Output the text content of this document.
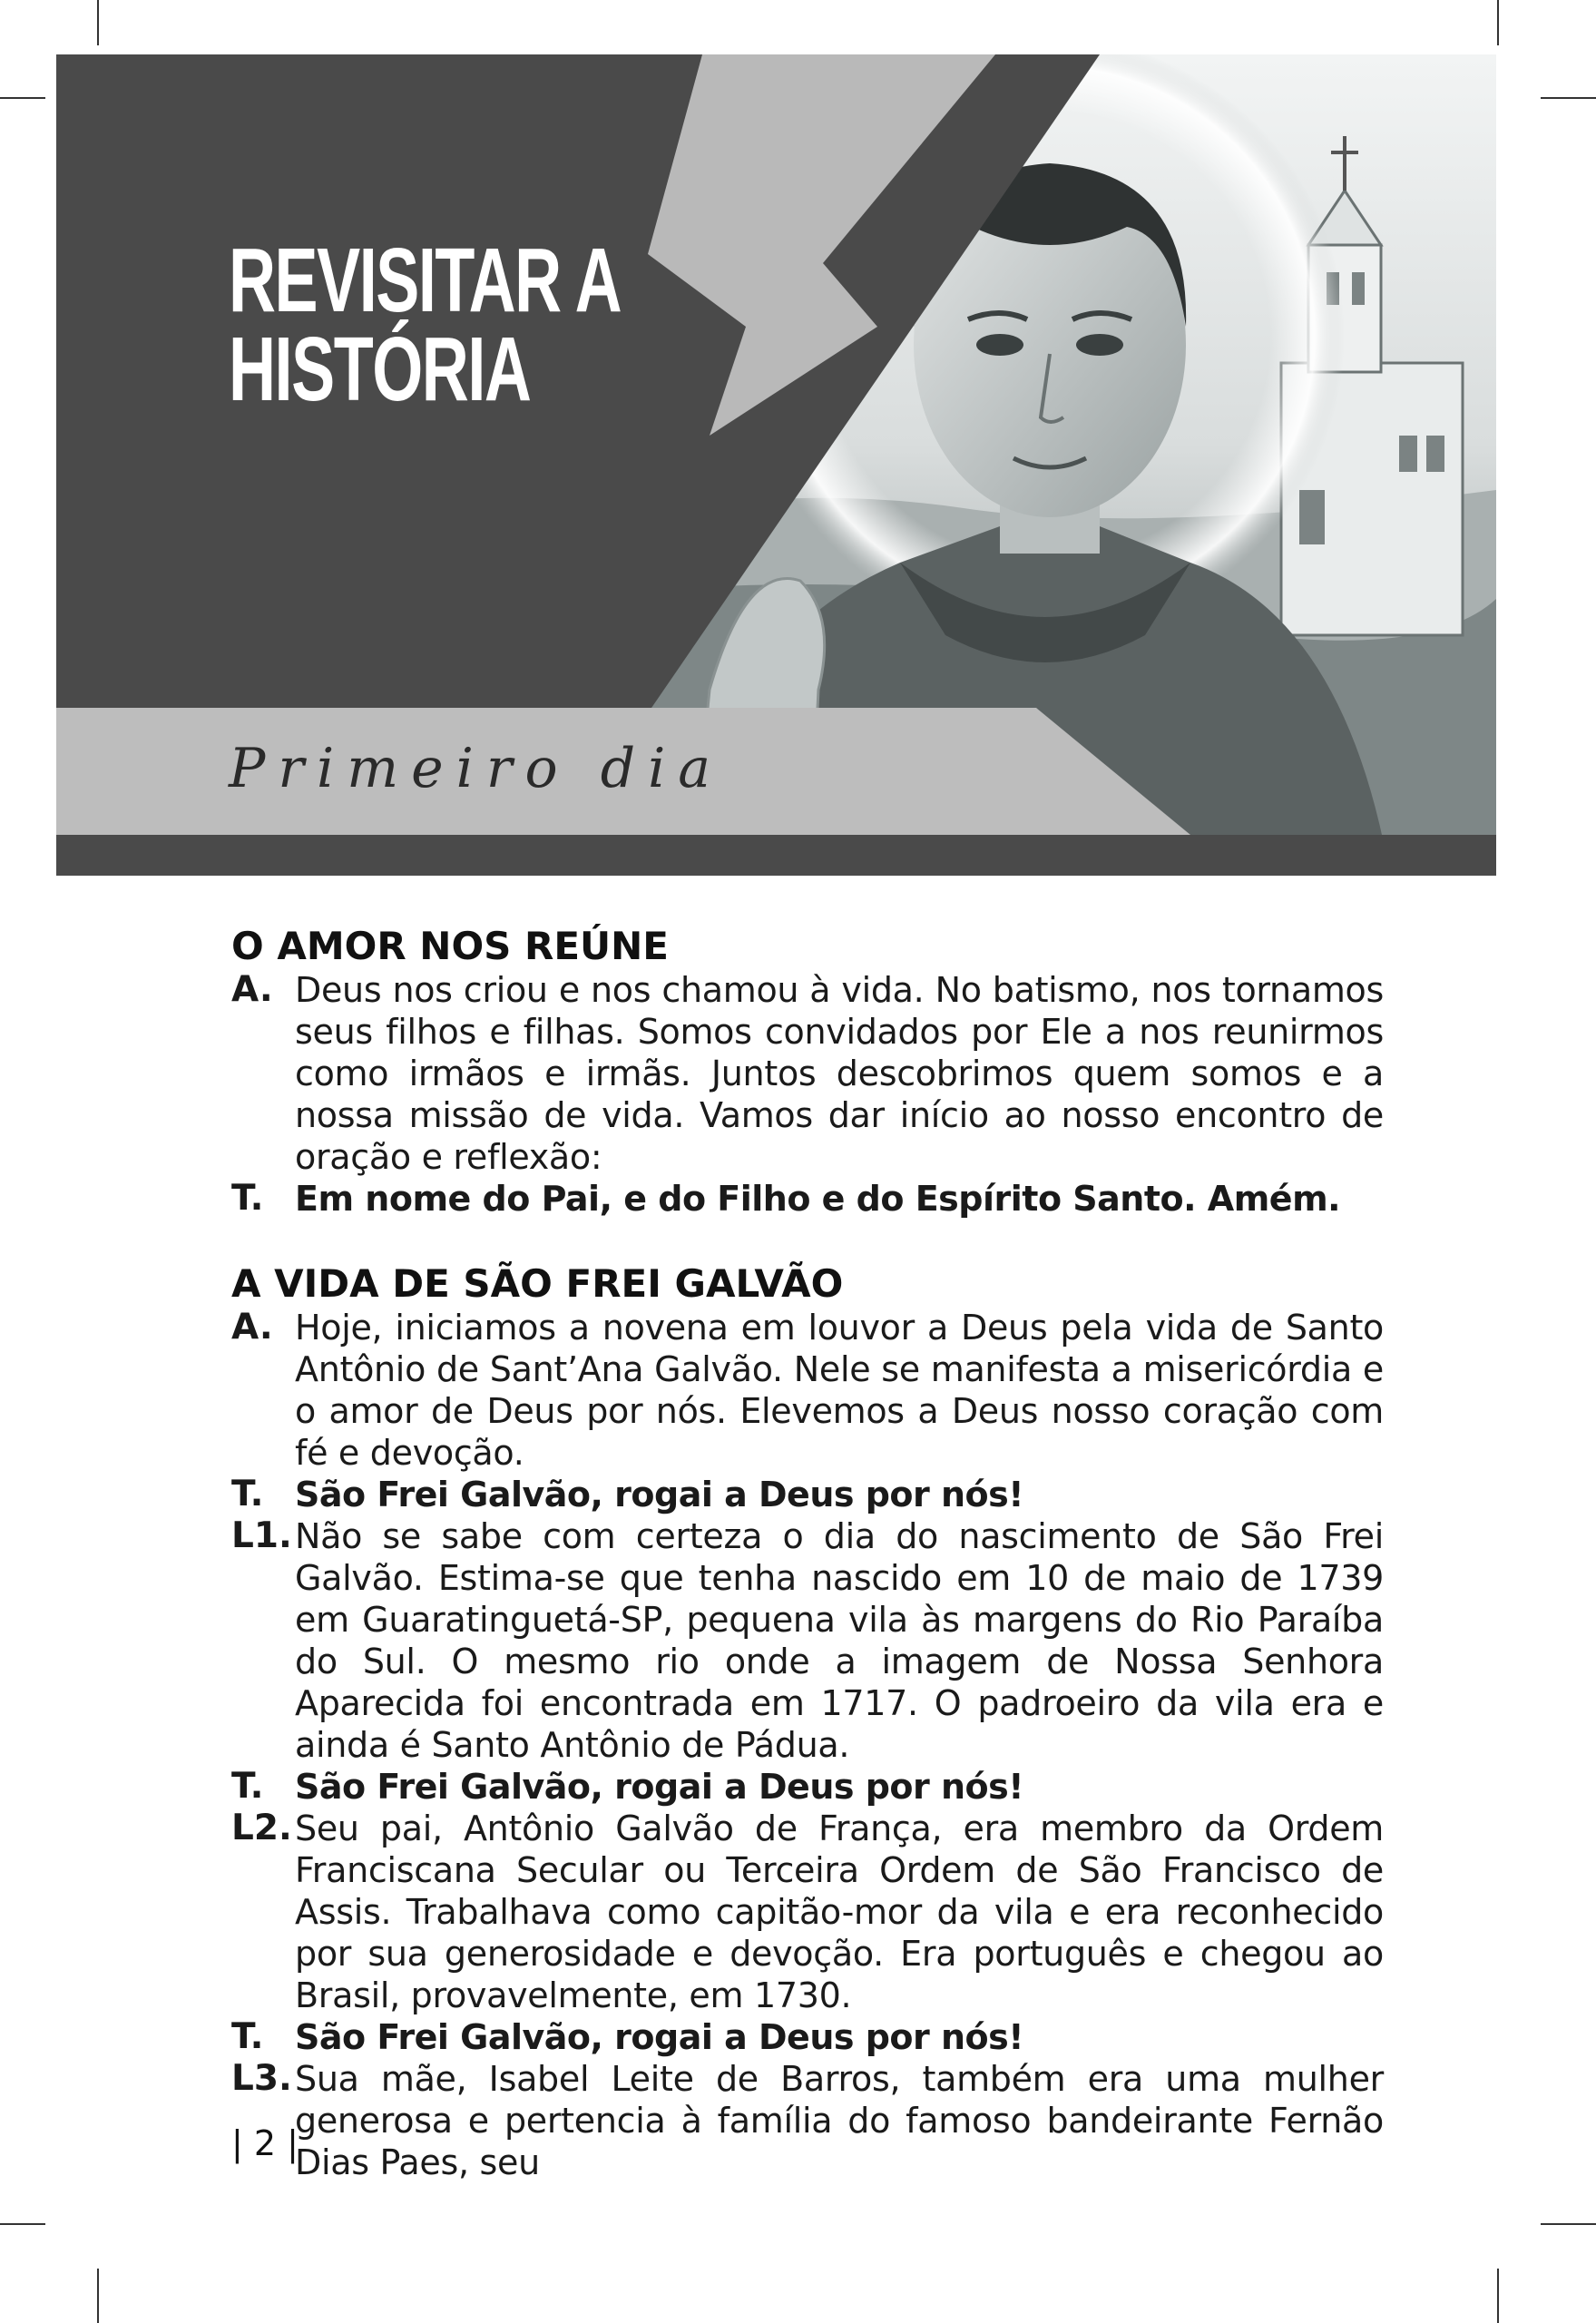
REVISITAR A
HISTÓRIA
Primeiro dia
O AMOR NOS REÚNE
A. Deus nos criou e nos chamou à vida. No batismo, nos tornamos seus filhos e filhas. Somos convidados por Ele a nos reunirmos como irmãos e irmãs. Juntos descobrimos quem somos e a nossa missão de vida. Vamos dar início ao nosso encontro de oração e reflexão:
T. Em nome do Pai, e do Filho e do Espírito Santo. Amém.
A VIDA DE SÃO FREI GALVÃO
A. Hoje, iniciamos a novena em louvor a Deus pela vida de Santo Antônio de Sant’Ana Galvão. Nele se manifesta a misericórdia e o amor de Deus por nós. Elevemos a Deus nosso coração com fé e devoção.
T. São Frei Galvão, rogai a Deus por nós!
L1. Não se sabe com certeza o dia do nascimento de São Frei Galvão. Estima-se que tenha nascido em 10 de maio de 1739 em Guaratinguetá-SP, pequena vila às margens do Rio Paraíba do Sul. O mesmo rio onde a imagem de Nossa Senhora Aparecida foi encontrada em 1717. O padroeiro da vila era e ainda é Santo Antônio de Pádua.
T. São Frei Galvão, rogai a Deus por nós!
L2. Seu pai, Antônio Galvão de França, era membro da Ordem Franciscana Secular ou Terceira Ordem de São Francisco de Assis. Trabalhava como capitão-mor da vila e era reconhecido por sua generosidade e devoção. Era português e chegou ao Brasil, provavelmente, em 1730.
T. São Frei Galvão, rogai a Deus por nós!
L3. Sua mãe, Isabel Leite de Barros, também era uma mulher generosa e pertencia à família do famoso bandeirante Fernão Dias Paes, seu
| 2 |
